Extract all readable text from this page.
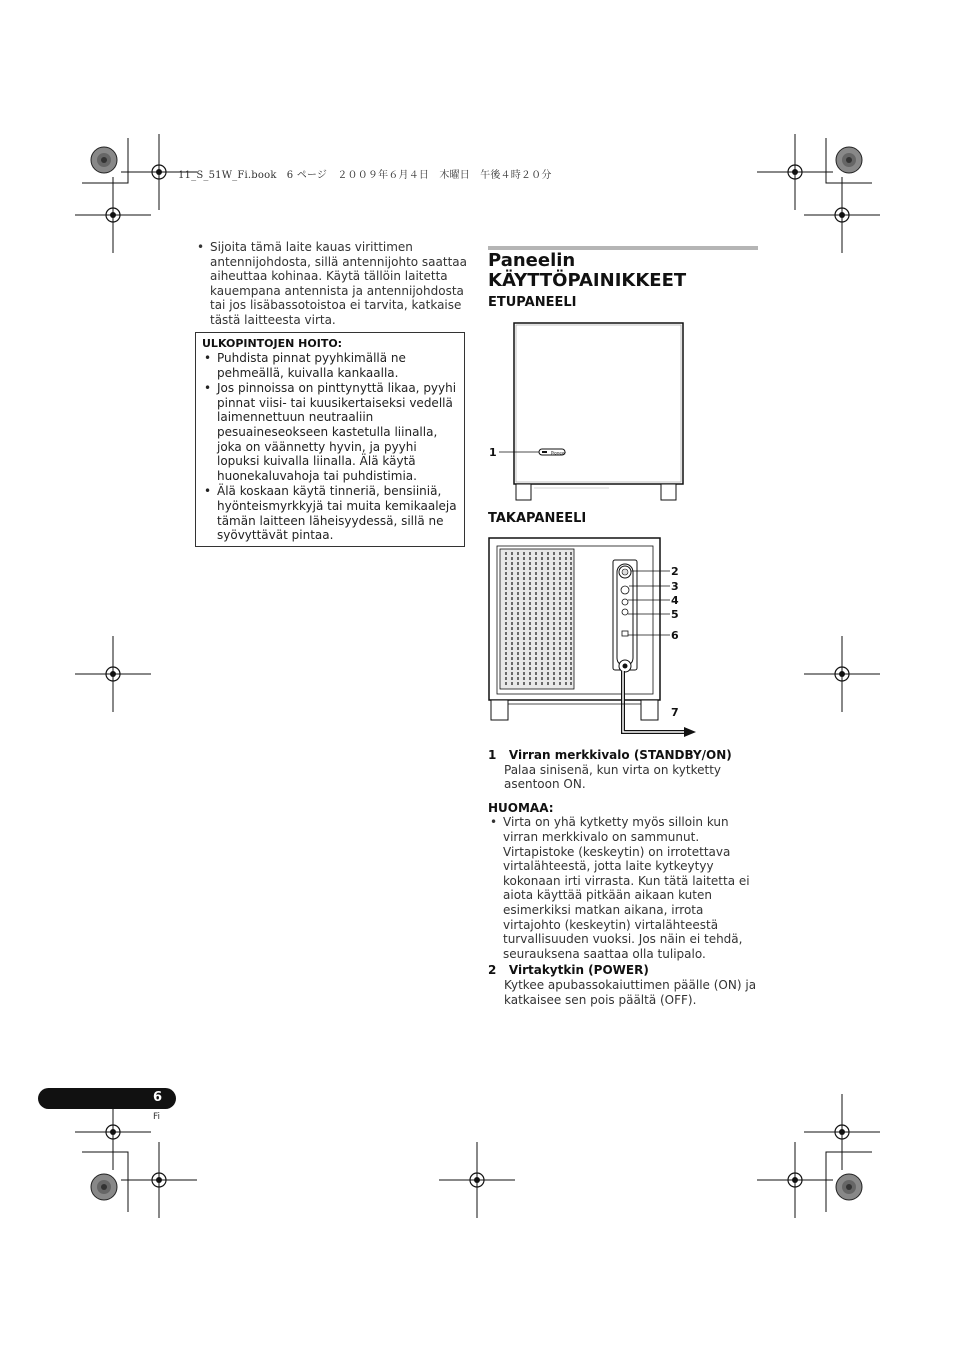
11_S_51W_Fi.book　6 ページ　２００９年６月４日　木曜日　午後４時２０分

• Sijoita tämä laite kauas virittimen antennijohdosta, sillä antennijohto saattaa aiheuttaa kohinaa. Käytä tällöin laitetta kauempana antennista ja antennijohdosta tai jos lisäbassotoistoa ei tarvita, katkaise tästä laitteesta virta.

ULKOPINTOJEN HOITO:

• Puhdista pinnat pyyhkimällä ne pehmeällä, kuivalla kankaalla.

• Jos pinnoissa on pinttynyttä likaa, pyyhi pinnat viisi- tai kuusikertaiseksi vedellä laimennettuun neutraaliin pesuaineseokseen kastetulla liinalla, joka on väännetty hyvin, ja pyyhi lopuksi kuivalla liinalla. Älä käytä huonekaluvahoja tai puhdistimia.

• Älä koskaan käytä tinneriä, bensiiniä, hyönteismyrkkyjä tai muita kemikaaleja tämän laitteen läheisyydessä, sillä ne syövyttävät pintaa.

Paneelin
KÄYTTÖPAINIKKEET
ETUPANEELI
Pioneer
1
TAKAPANEELI
2
3
4
5
6
7
1   Virran merkkivalo (STANDBY/ON)
Palaa sinisenä, kun virta on kytketty asentoon ON.
HUOMAA:

• Virta on yhä kytketty myös silloin kun virran merkkivalo on sammunut. Virtapistoke (keskeytin) on irrotettava virtalähteestä, jotta laite kytkeytyy kokonaan irti virrasta. Kun tätä laitetta ei aiota käyttää pitkään aikaan kuten esimerkiksi matkan aikana, irrota virtajohto (keskeytin) virtalähteestä turvallisuuden vuoksi. Jos näin ei tehdä, seurauksena saattaa olla tulipalo.

2   Virtakytkin (POWER)
Kytkee apubassokaiuttimen päälle (ON) ja katkaisee sen pois päältä (OFF).
6
Fi
